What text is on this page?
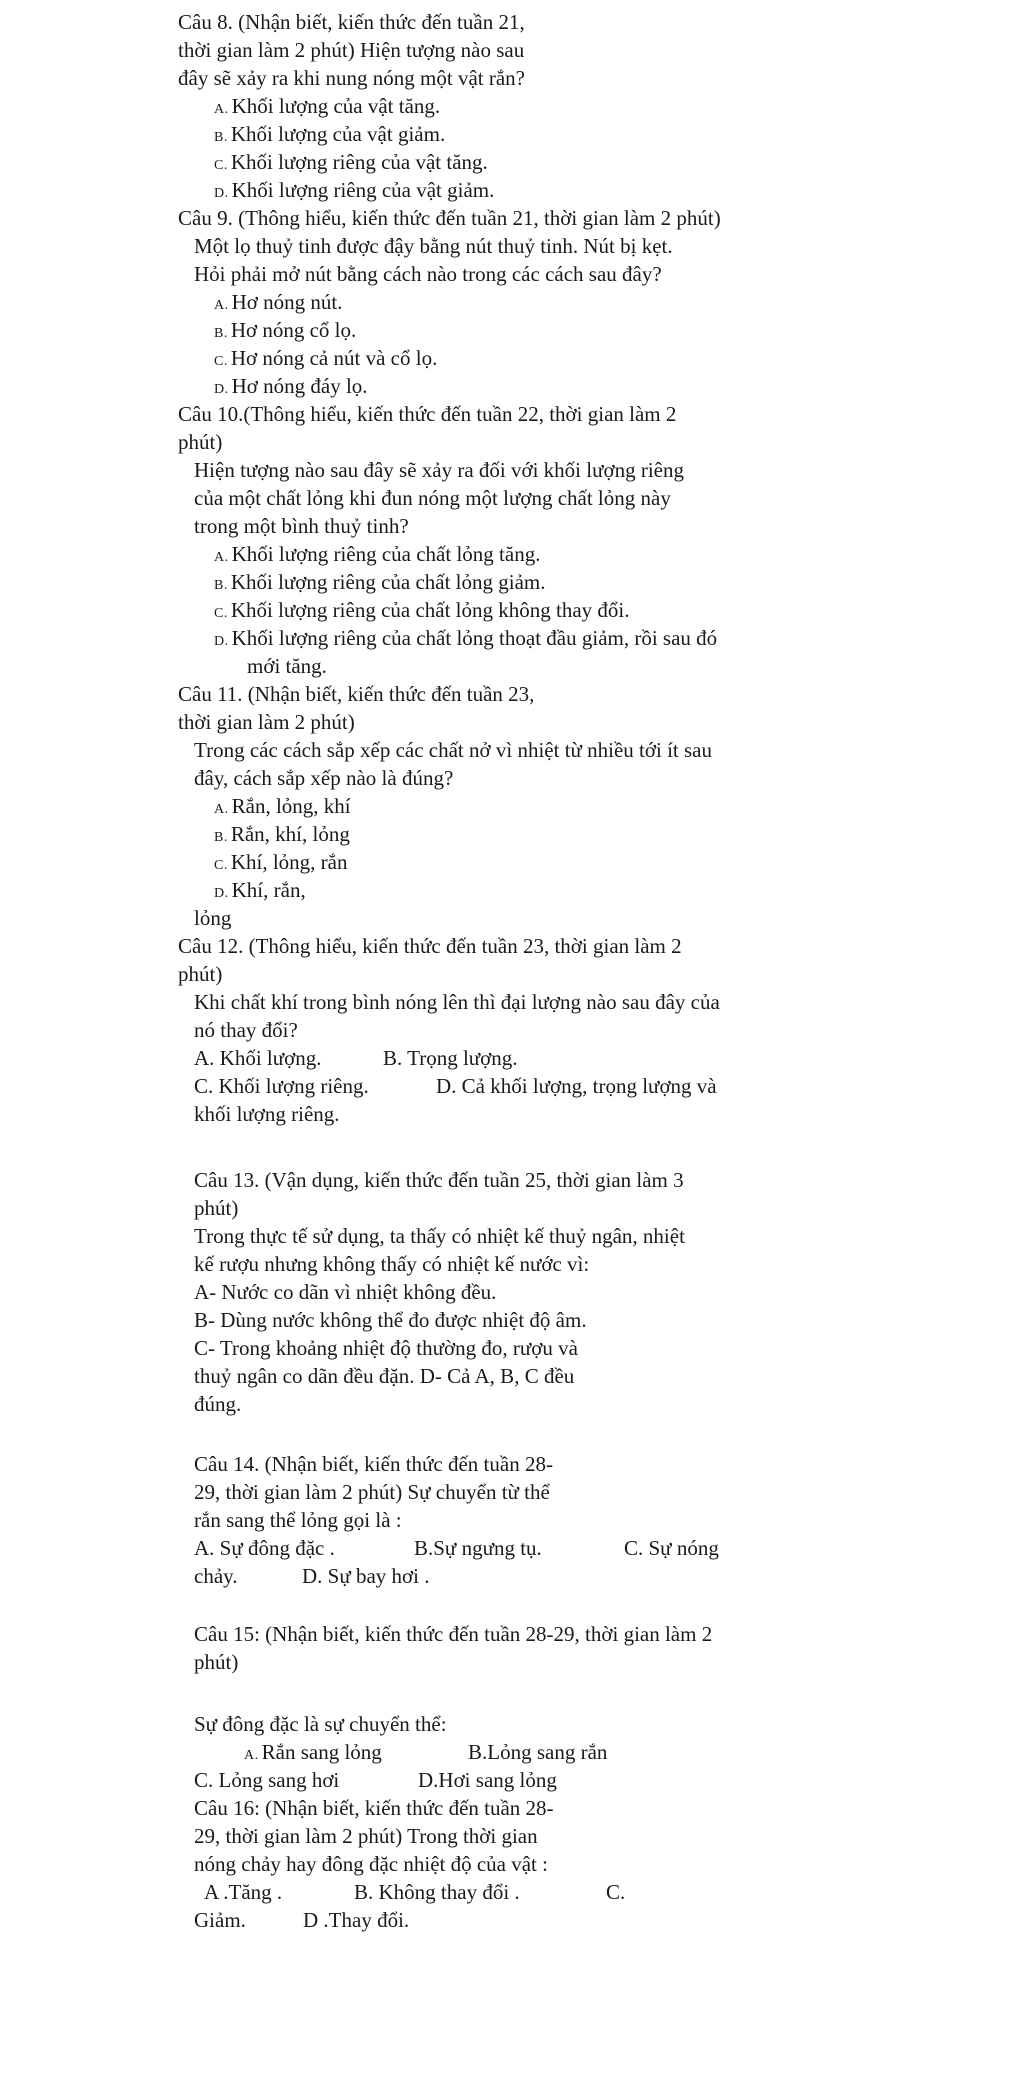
Câu 8. (Nhận biết, kiến thức đến tuần 21,
thời gian làm 2 phút) Hiện tượng nào sau
đây sẽ xảy ra khi nung nóng một vật rắn?
A. Khối lượng của vật tăng.
B. Khối lượng của vật giảm.
C. Khối lượng riêng của vật tăng.
D. Khối lượng riêng của vật giảm.
Câu 9. (Thông hiểu, kiến thức đến tuần 21, thời gian làm 2 phút)
Một lọ thuỷ tinh được đậy bằng nút thuỷ tinh. Nút bị kẹt.
Hỏi phải mở nút bằng cách nào trong các cách sau đây?
A. Hơ nóng nút.
B. Hơ nóng cổ lọ.
C. Hơ nóng cả nút và cổ lọ.
D. Hơ nóng đáy lọ.
Câu 10.(Thông hiểu, kiến thức đến tuần 22, thời gian làm 2
phút)
Hiện tượng nào sau đây sẽ xảy ra đối với khối lượng riêng
của một chất lỏng khi đun nóng một lượng chất lỏng này
trong một bình thuỷ tinh?
A. Khối lượng riêng của chất lỏng tăng.
B. Khối lượng riêng của chất lỏng giảm.
C. Khối lượng riêng của chất lỏng không thay đổi.
D. Khối lượng riêng của chất lỏng thoạt đầu giảm, rồi sau đó
mới tăng.
Câu 11. (Nhận biết, kiến thức đến tuần 23,
thời gian làm 2 phút)
Trong các cách sắp xếp các chất nở vì nhiệt từ nhiều tới ít sau
đây, cách sắp xếp nào là đúng?
A. Rắn, lỏng, khí
B. Rắn, khí, lỏng
C. Khí, lỏng, rắn
D. Khí, rắn,
lỏng
Câu 12. (Thông hiểu, kiến thức đến tuần 23, thời gian làm 2
phút)
Khi chất khí trong bình nóng lên thì đại lượng nào sau đây của
nó thay đổi?
A. Khối lượng.	B. Trọng lượng.
C. Khối lượng riêng.	D. Cả khối lượng, trọng lượng và
khối lượng riêng.
Câu 13. (Vận dụng, kiến thức đến tuần 25, thời gian làm 3
phút)
Trong thực tế sử dụng, ta thấy có nhiệt kế thuỷ ngân, nhiệt
kế rượu nhưng không thấy có nhiệt kế nước vì:
A- Nước co dãn vì nhiệt không đều.
B- Dùng nước không thể đo được nhiệt độ âm.
C- Trong khoảng nhiệt độ thường đo, rượu và
thuỷ ngân co dãn đều đặn. D- Cả A, B, C đều
đúng.
Câu 14. (Nhận biết, kiến thức đến tuần 28-
29, thời gian làm 2 phút) Sự chuyển từ thể
rắn sang thể lỏng gọi là :
A. Sự đông đặc .	B.Sự ngưng tụ.	C. Sự nóng
chảy.	D. Sự bay hơi .
Câu 15: (Nhận biết, kiến thức đến tuần 28-29, thời gian làm 2
phút)
Sự đông đặc là sự chuyển thể:
A. Rắn sang lỏng	B.Lỏng sang rắn
C. Lỏng sang hơi	D.Hơi sang lỏng
Câu 16: (Nhận biết, kiến thức đến tuần 28-
29, thời gian làm 2 phút) Trong thời gian
nóng chảy hay đông đặc nhiệt độ của vật :
A .Tăng .	B. Không thay đổi .	C.
Giảm.	D .Thay đổi.
